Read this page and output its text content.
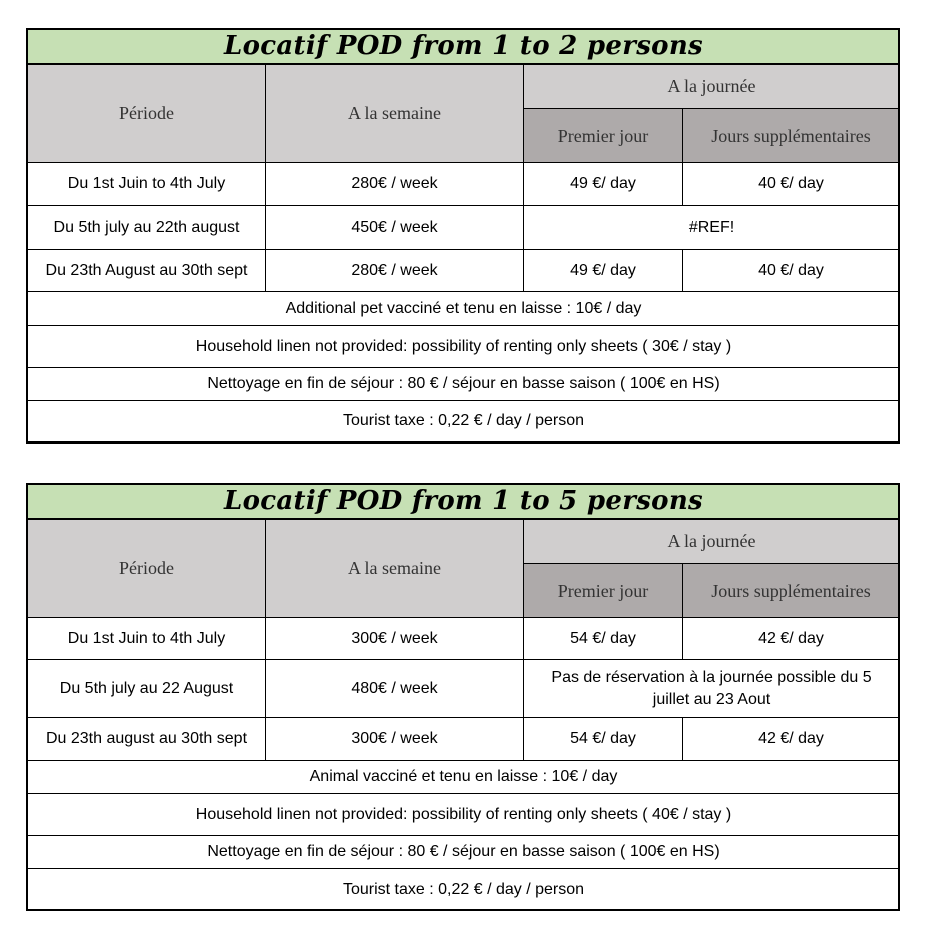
Locatif POD from 1 to 2 persons			
Période	A la semaine	A la journée	
		Premier jour	Jours supplémentaires
Du 1st Juin to 4th July	280€ / week	49 €/ day	40 €/ day
Du 5th july au 22th august	450€ / week	#REF!	
Du 23th August au 30th sept	280€ / week	49 €/ day	40 €/ day
Additional pet vacciné et tenu en laisse : 10€ / day			
Household linen not provided: possibility of renting only sheets ( 30€ / stay )			
Nettoyage en fin de séjour : 80 € / séjour en basse saison ( 100€ en HS)			
Tourist taxe : 0,22 € / day / person			
Locatif POD from 1 to 5 persons			
Période	A la semaine	A la journée	
		Premier jour	Jours supplémentaires
Du 1st Juin to 4th July	300€ / week	54 €/ day	42 €/ day
Du 5th july au 22 August	480€ / week	Pas de réservation à la journée possible du 5 juillet au 23 Aout	
Du 23th august au 30th sept	300€ / week	54 €/ day	42 €/ day
Animal vacciné et tenu en laisse : 10€ / day			
Household linen not provided: possibility of renting only sheets ( 40€ / stay )			
Nettoyage en fin de séjour : 80 € / séjour en basse saison ( 100€ en HS)			
Tourist taxe : 0,22 € / day / person			
